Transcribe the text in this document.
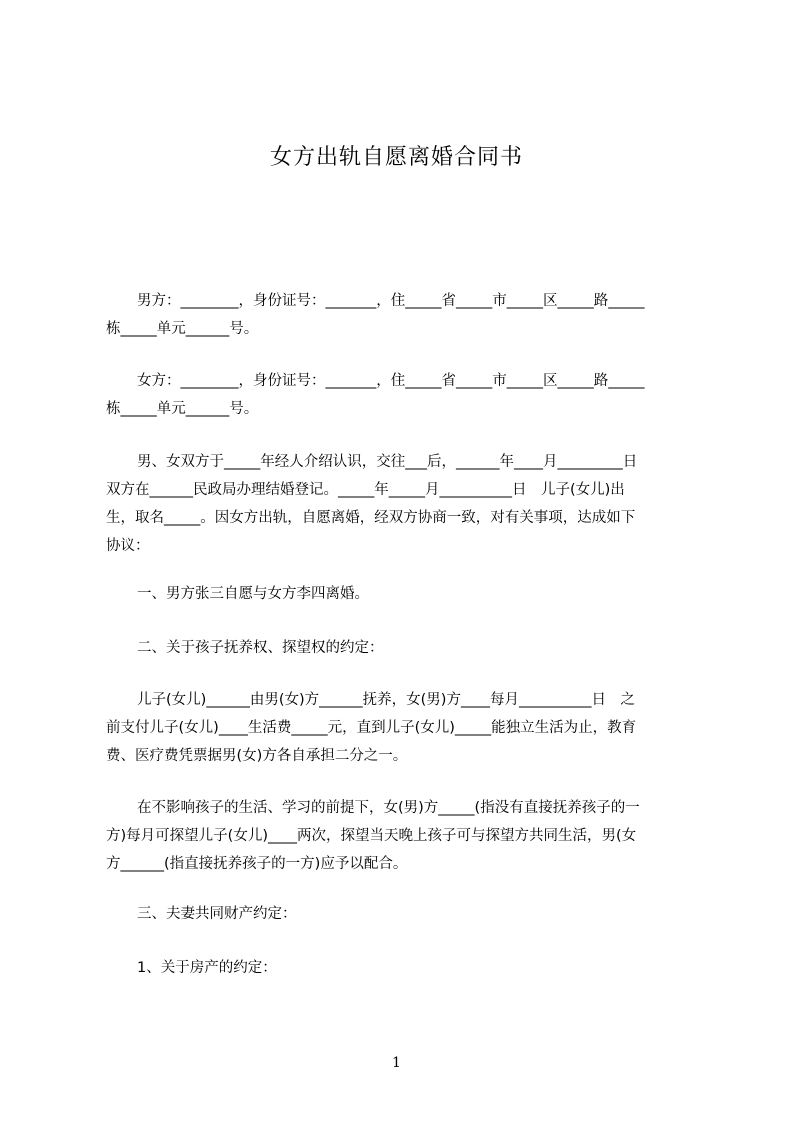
女方出轨自愿离婚合同书
男方：________，身份证号：_______，住_____省_____市_____区_____路_____
栋_____单元______号。
女方：________，身份证号：_______，住_____省_____市_____区_____路_____
栋_____单元______号。
男、女双方于_____年经人介绍认识，交往___后，______年____月_________日
双方在______民政局办理结婚登记。_____年_____月__________日　儿子(女儿)出
生，取名_____。因女方出轨，自愿离婚，经双方协商一致，对有关事项，达成如下
协议：
一、男方张三自愿与女方李四离婚。
二、关于孩子抚养权、探望权的约定：
儿子(女儿)______由男(女)方______抚养，女(男)方____每月__________日　之
前支付儿子(女儿)____生活费_____元，直到儿子(女儿)_____能独立生活为止，教育
费、医疗费凭票据男(女)方各自承担二分之一。
在不影响孩子的生活、学习的前提下，女(男)方_____(指没有直接抚养孩子的一
方)每月可探望儿子(女儿)____两次，探望当天晚上孩子可与探望方共同生活，男(女
方______(指直接抚养孩子的一方)应予以配合。
三、夫妻共同财产约定：
1、关于房产的约定：
1
